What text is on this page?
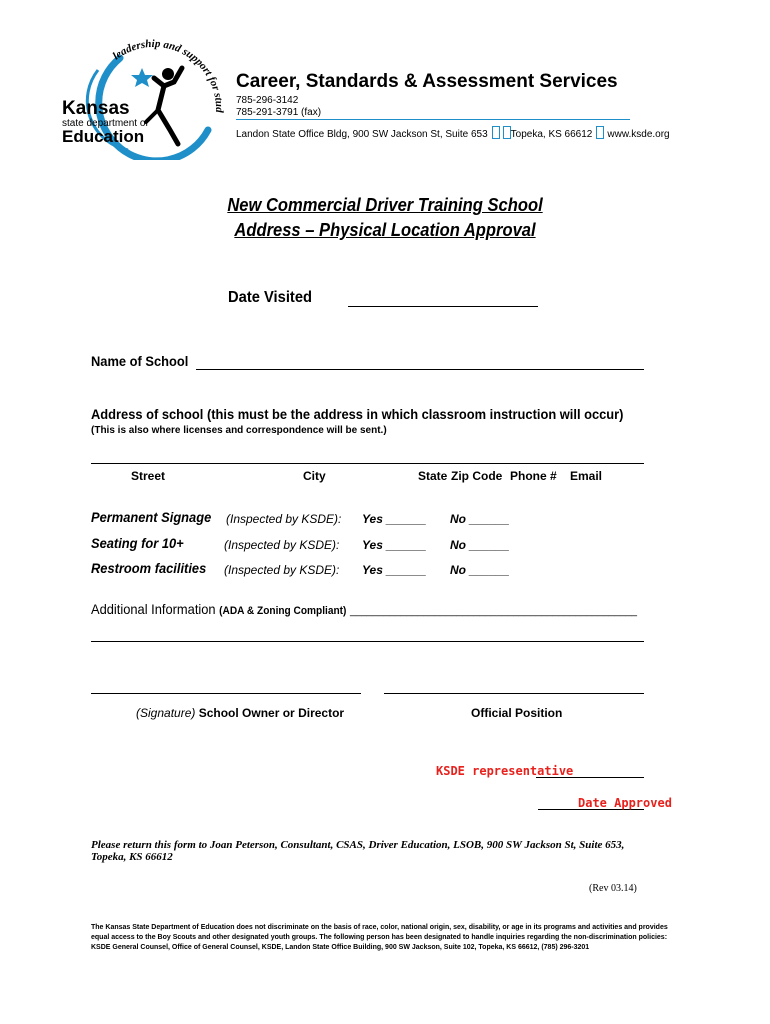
leadership and support for stud
Kansas
state department of
Education
Career, Standards & Assessment Services
785-296-3142
785-291-3791 (fax)
Landon State Office Bldg, 900 SW Jackson St, Suite 653 Topeka, KS 66612 www.ksde.org
New Commercial Driver Training School
Address – Physical Location Approval
Date Visited
Name of School
Address of school (this must be the address in which classroom instruction will occur)
(This is also where licenses and correspondence will be sent.)
Street	City	State Zip Code Phone # Email
Permanent Signage (Inspected by KSDE): Yes ______ No ______
Seating for 10+	(Inspected by KSDE): Yes ______ No ______
Restroom facilities (Inspected by KSDE): Yes ______ No ______
Additional Information (ADA & Zoning Compliant) ___________________________________________________
(Signature) School Owner or Director	Official Position
KSDE representative
Date Approved
Please return this form to Joan Peterson, Consultant, CSAS, Driver Education, LSOB, 900 SW Jackson St, Suite 653, Topeka, KS 66612
(Rev 03.14)
The Kansas State Department of Education does not discriminate on the basis of race, color, national origin, sex, disability, or age in its programs and activities and provides equal access to the Boy Scouts and other designated youth groups. The following person has been designated to handle inquiries regarding the non-discrimination policies: KSDE General Counsel, Office of General Counsel, KSDE, Landon State Office Building, 900 SW Jackson, Suite 102, Topeka, KS 66612, (785) 296-3201
